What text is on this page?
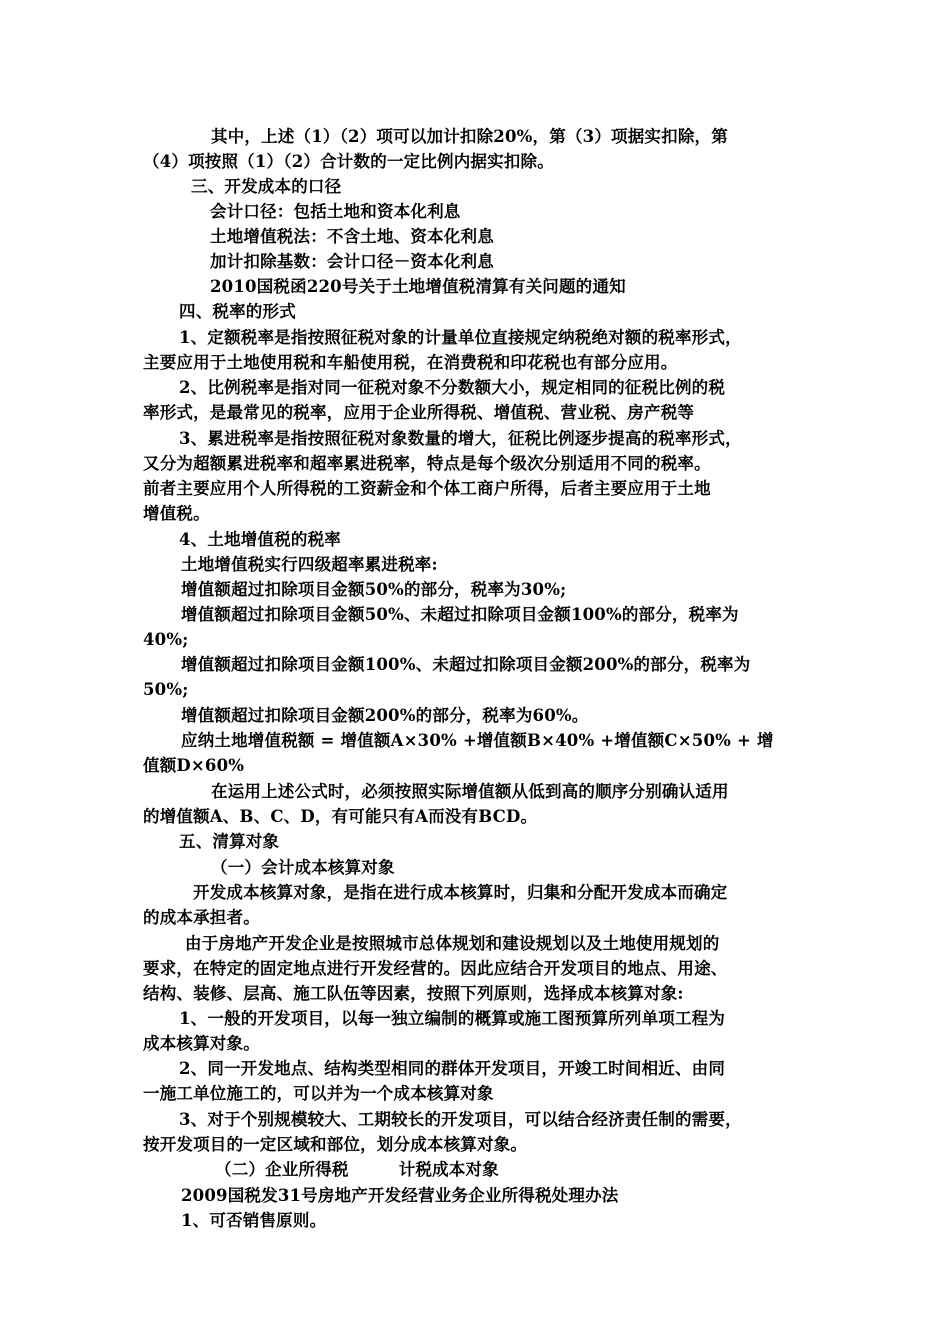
其中，上述（1）（2）项可以加计扣除20%，第（3）项据实扣除，第
（4）项按照（1）（2）合计数的一定比例内据实扣除。
三、开发成本的口径
会计口径：包括土地和资本化利息
土地增值税法：不含土地、资本化利息
加计扣除基数：会计口径－资本化利息
2010国税函220号关于土地增值税清算有关问题的通知
四、税率的形式
1、定额税率是指按照征税对象的计量单位直接规定纳税绝对额的税率形式，
主要应用于土地使用税和车船使用税，在消费税和印花税也有部分应用。
2、比例税率是指对同一征税对象不分数额大小，规定相同的征税比例的税
率形式，是最常见的税率，应用于企业所得税、增值税、营业税、房产税等
3、累进税率是指按照征税对象数量的增大，征税比例逐步提高的税率形式，
又分为超额累进税率和超率累进税率，特点是每个级次分别适用不同的税率。
前者主要应用个人所得税的工资薪金和个体工商户所得，后者主要应用于土地
增值税。
4、土地增值税的税率
土地增值税实行四级超率累进税率:
增值额超过扣除项目金额50%的部分，税率为30%;
增值额超过扣除项目金额50%、未超过扣除项目金额100%的部分，税率为
40%;
增值额超过扣除项目金额100%、未超过扣除项目金额200%的部分，税率为
50%;
增值额超过扣除项目金额200%的部分，税率为60%。
应纳土地增值税额 = 增值额A×30% +增值额B×40% +增值额C×50% + 增
值额D×60%
在运用上述公式时，必须按照实际增值额从低到高的顺序分别确认适用
的增值额A、B、C、D，有可能只有A而没有BCD。
五、清算对象
（一）会计成本核算对象
开发成本核算对象，是指在进行成本核算时，归集和分配开发成本而确定
的成本承担者。
由于房地产开发企业是按照城市总体规划和建设规划以及土地使用规划的
要求，在特定的固定地点进行开发经营的。因此应结合开发项目的地点、用途、
结构、装修、层高、施工队伍等因素，按照下列原则，选择成本核算对象:
1、一般的开发项目，以每一独立编制的概算或施工图预算所列单项工程为
成本核算对象。
2、同一开发地点、结构类型相同的群体开发项目，开竣工时间相近、由同
一施工单位施工的，可以并为一个成本核算对象
3、对于个别规模较大、工期较长的开发项目，可以结合经济责任制的需要，
按开发项目的一定区域和部位，划分成本核算对象。
（二）企业所得税　　　计税成本对象
2009国税发31号房地产开发经营业务企业所得税处理办法
1、可否销售原则。
